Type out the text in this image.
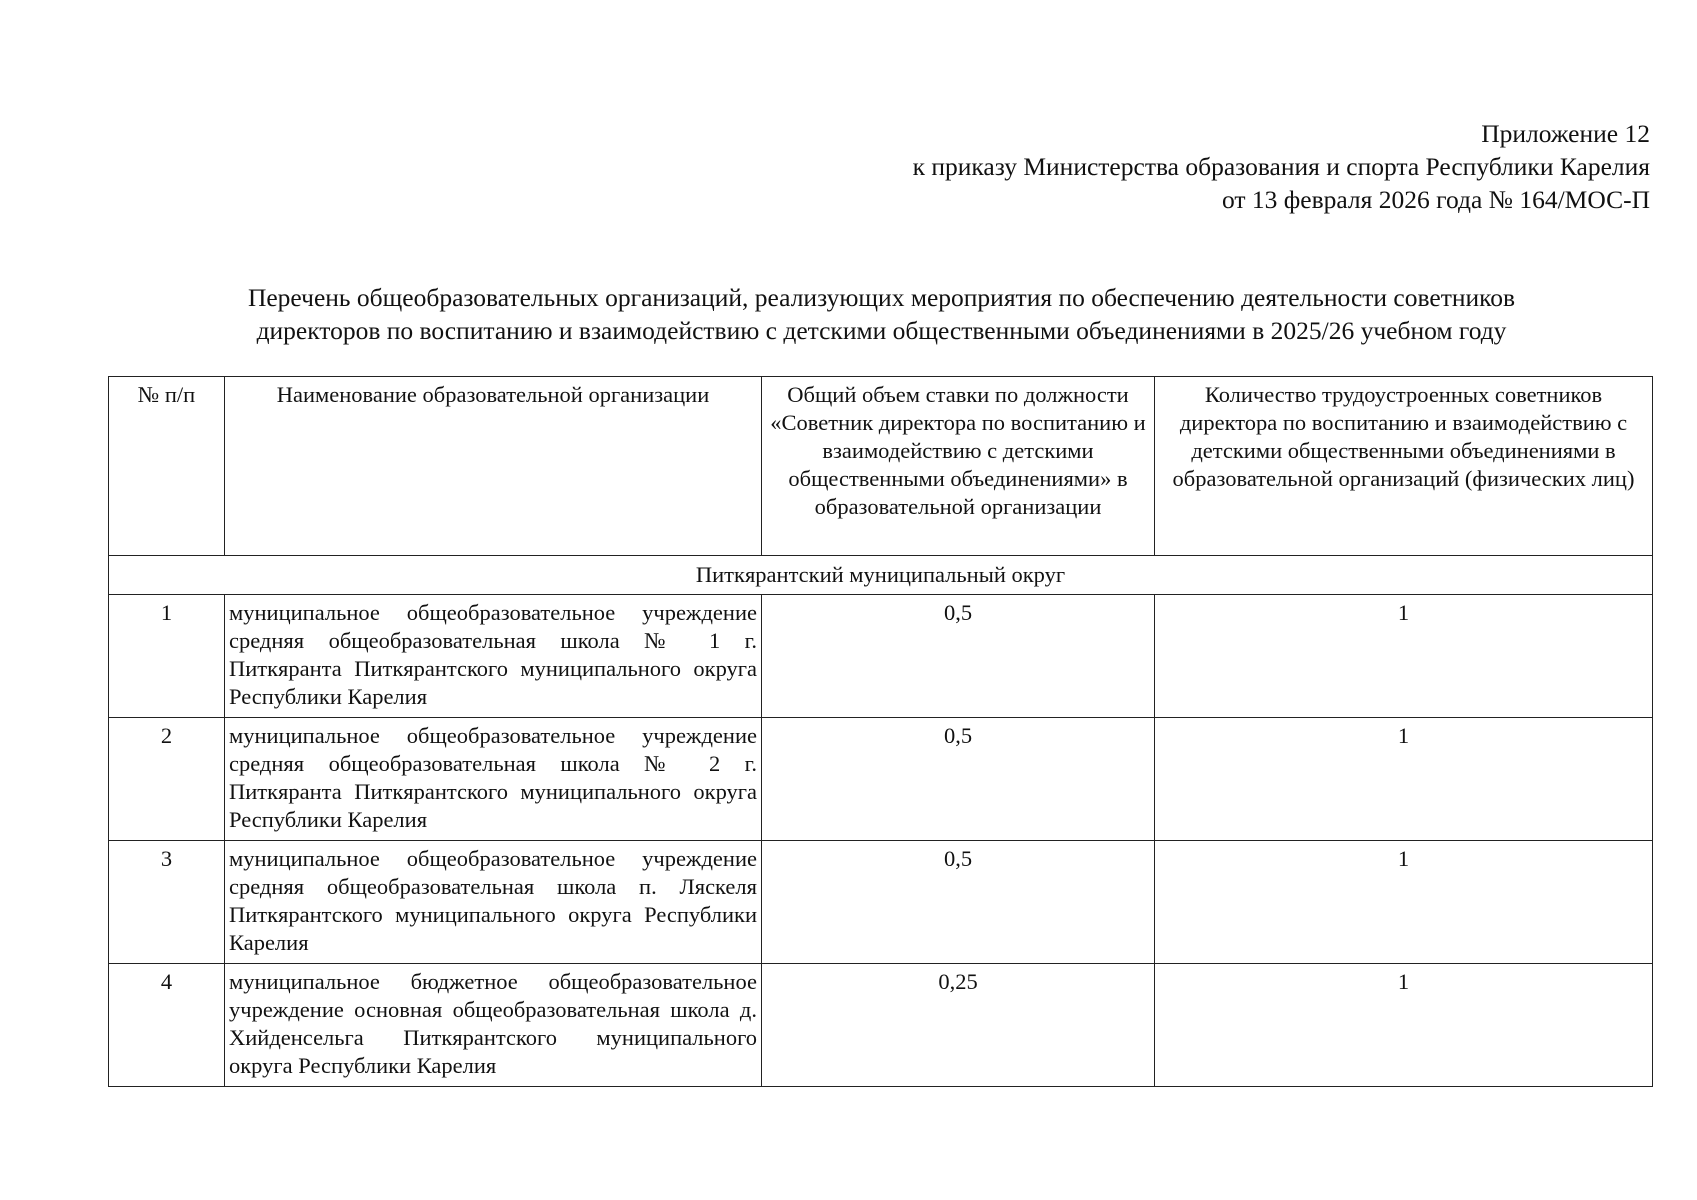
Приложение 12
к приказу Министерства образования и спорта Республики Карелия
от 13 февраля 2026 года № 164/МОС-П
Перечень общеобразовательных организаций, реализующих мероприятия по обеспечению деятельности советников
директоров по воспитанию и взаимодействию с детскими общественными объединениями в 2025/26 учебном году
№ п/п	Наименование образовательной организации	Общий объем ставки по должности «Советник директора по воспитанию и взаимодействию с детскими общественными объединениями» в образовательной организации	Количество трудоустроенных советников директора по воспитанию и взаимодействию с детскими общественными объединениями в образовательной организаций (физических лиц)
Питкярантский муниципальный округ			
1	муниципальное общеобразовательное учреждение средняя общеобразовательная школа № 1 г. Питкяранта Питкярантского муниципального округа Республики Карелия	0,5	1
2	муниципальное общеобразовательное учреждение средняя общеобразовательная школа № 2 г. Питкяранта Питкярантского муниципального округа Республики Карелия	0,5	1
3	муниципальное общеобразовательное учреждение средняя общеобразовательная школа п. Ляскеля Питкярантского муниципального округа Республики Карелия	0,5	1
4	муниципальное бюджетное общеобразовательное учреждение основная общеобразовательная школа д. Хийденсельга Питкярантского муниципального округа Республики Карелия	0,25	1
